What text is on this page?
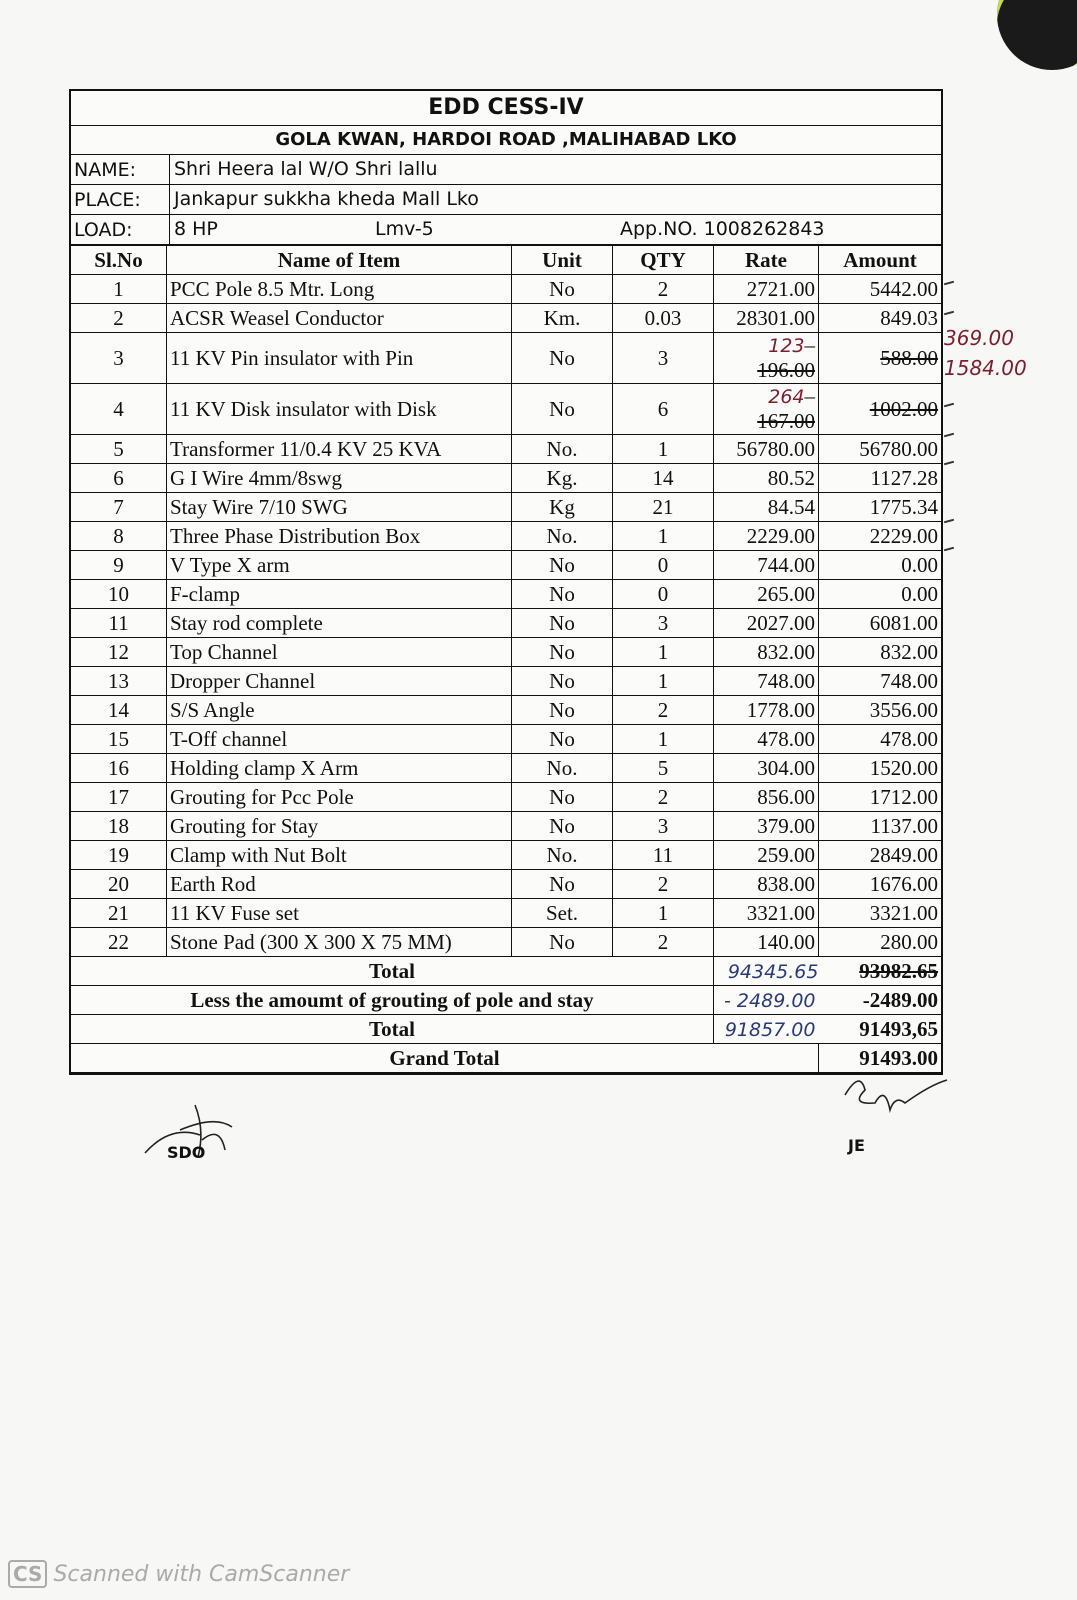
EDD CESS-IV
GOLA KWAN, HARDOI ROAD ,MALIHABAD LKO
NAME:	Shri Heera lal W/O Shri lallu
PLACE:	Jankapur sukkha kheda Mall Lko
LOAD:	8 HP	Lmv-5	App.NO. 1008262843
Sl.No	Name of Item	Unit	QTY	Rate	Amount
1	PCC Pole 8.5 Mtr. Long	No	2	2721.00	5442.00
2	ACSR Weasel Conductor	Km.	0.03	28301.00	849.03
3	11 KV Pin insulator with Pin	No	3	123–196.00	588.00
4	11 KV Disk insulator with Disk	No	6	264–167.00	1002.00
5	Transformer 11/0.4 KV 25 KVA	No.	1	56780.00	56780.00
6	G I Wire 4mm/8swg	Kg.	14	80.52	1127.28
7	Stay Wire 7/10 SWG	Kg	21	84.54	1775.34
8	Three Phase Distribution Box	No.	1	2229.00	2229.00
9	V Type X arm	No	0	744.00	0.00
10	F-clamp	No	0	265.00	0.00
11	Stay rod complete	No	3	2027.00	6081.00
12	Top Channel	No	1	832.00	832.00
13	Dropper Channel	No	1	748.00	748.00
14	S/S Angle	No	2	1778.00	3556.00
15	T-Off channel	No	1	478.00	478.00
16	Holding clamp X Arm	No.	5	304.00	1520.00
17	Grouting for Pcc Pole	No	2	856.00	1712.00
18	Grouting for Stay	No	3	379.00	1137.00
19	Clamp with Nut Bolt	No.	11	259.00	2849.00
20	Earth Rod	No	2	838.00	1676.00
21	11 KV Fuse set	Set.	1	3321.00	3321.00
22	Stone Pad (300 X 300 X 75 MM)	No	2	140.00	280.00
Total				94345.65	93982.65
Less the amoumt of grouting of pole and stay				- 2489.00	-2489.00
Total				91857.00	91493,65
Grand Total					91493.00
369.00
1584.00
SDO	JE
CS Scanned with CamScanner
